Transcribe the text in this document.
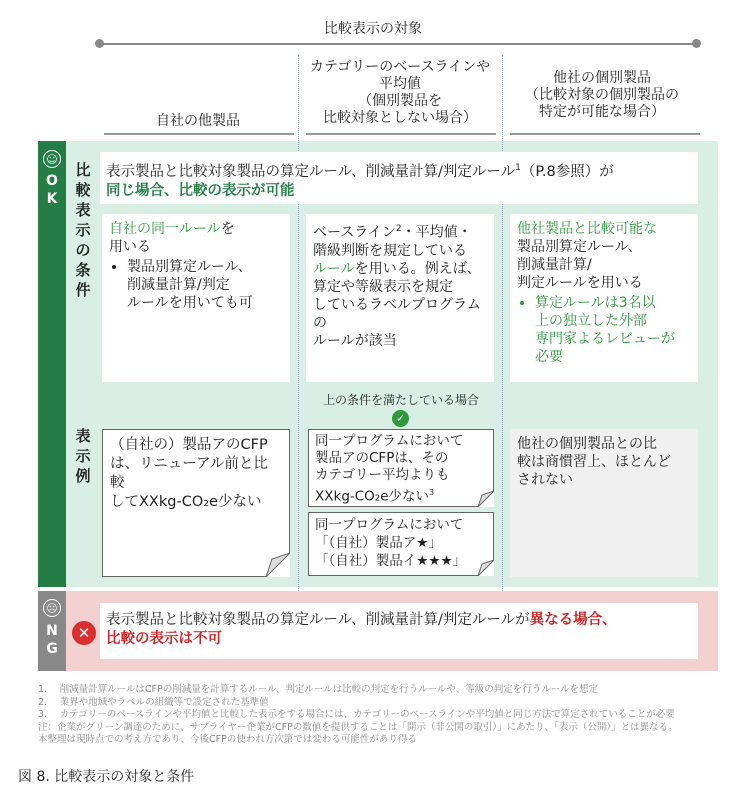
比較表示の対象
自社の他製品
カテゴリーのベースラインや
平均値
（個別製品を
比較対象としない場合）
他社の個別製品
（比較対象の個別製品の
特定が可能な場合）
☺
O
K
比
較
表
示
の
条
件
表
示
例
表示製品と比較対象製品の算定ルール、削減量計算/判定ルール$^1$（P.8参照）が
同じ場合、比較の表示が可能
自社の同一ルールを
用いる
• 製品別算定ルール、
削減量計算/判定
ルールを用いても可
ベースライン$^2$・平均値・
階級判断を規定している
ルールを用いる。例えば、
算定や等級表示を規定
しているラベルプログラムの
ルールが該当
他社製品と比較可能な
製品別算定ルール、
削減量計算/
判定ルールを用いる
• 算定ルールは3名以
上の独立した外部
専門家よるレビューが
必要
上の条件を満たしている場合
✓
（自社の）製品アのCFP
は、リニューアル前と比較
してXXkg-CO₂e少ない
同一プログラムにおいて
製品アのCFPは、その
カテゴリー平均よりも
XXkg-CO₂e少ない$^3$
同一プログラムにおいて
「（自社）製品ア★」
「（自社）製品イ★★★」
他社の個別製品との比
較は商慣習上、ほとんど
されない
☹
N
G
✕
表示製品と比較対象製品の算定ルール、削減量計算/判定ルールが異なる場合、
比較の表示は不可
1.　 削減量計算ルールはCFPの削減量を計算するルール、判定ルールは比較の判定を行うルールや、等級の判定を行うルールを想定
2.　 業界や地域やラベルの組織等で設定された基準値
3.　 カテゴリーのベースラインや平均値と比較した表示をする場合には、カテゴリーのベースラインや平均値と同じ方法で算定されていることが必要
注：企業がグリーン調達のために、サプライヤー企業がCFPの数値を提供することは「開示（非公開の取引）」にあたり、「表示（公開）」とは異なる。
本整理は現時点での考え方であり、今後CFPの使われ方次第では変わる可能性があり得る
図 8. 比較表示の対象と条件
